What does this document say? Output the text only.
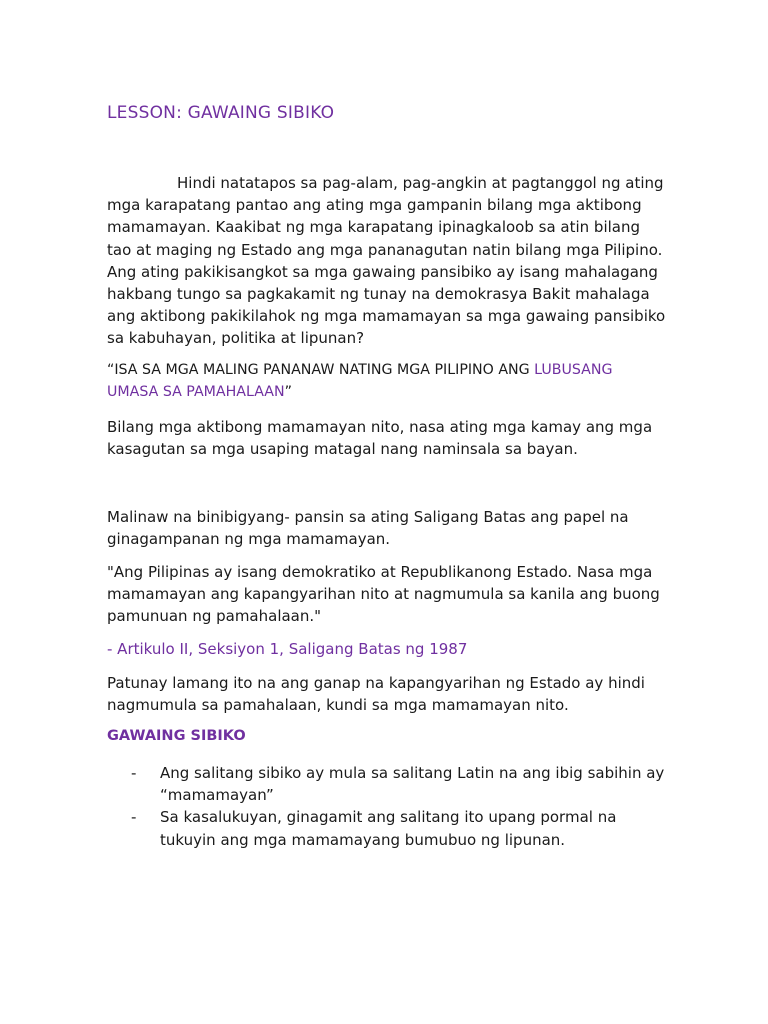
LESSON: GAWAING SIBIKO

Hindi natatapos sa pag-alam, pag-angkin at pagtanggol ng ating mga karapatang pantao ang ating mga gampanin bilang mga aktibong mamamayan. Kaakibat ng mga karapatang ipinagkaloob sa atin bilang tao at maging ng Estado ang mga pananagutan natin bilang mga Pilipino. Ang ating pakikisangkot sa mga gawaing pansibiko ay isang mahalagang hakbang tungo sa pagkakamit ng tunay na demokrasya Bakit mahalaga ang aktibong pakikilahok ng mga mamamayan sa mga gawaing pansibiko sa kabuhayan, politika at lipunan?

“ISA SA MGA MALING PANANAW NATING MGA PILIPINO ANG LUBUSANG UMASA SA PAMAHALAAN”

Bilang mga aktibong mamamayan nito, nasa ating mga kamay ang mga kasagutan sa mga usaping matagal nang naminsala sa bayan.

Malinaw na binibigyang- pansin sa ating Saligang Batas ang papel na ginagampanan ng mga mamamayan.

"Ang Pilipinas ay isang demokratiko at Republikanong Estado. Nasa mga mamamayan ang kapangyarihan nito at nagmumula sa kanila ang buong pamunuan ng pamahalaan."

- Artikulo II, Seksiyon 1, Saligang Batas ng 1987

Patunay lamang ito na ang ganap na kapangyarihan ng Estado ay hindi nagmumula sa pamahalaan, kundi sa mga mamamayan nito.

GAWAING SIBIKO
- Ang salitang sibiko ay mula sa salitang Latin na ang ibig sabihin ay “mamamayan”
- Sa kasalukuyan, ginagamit ang salitang ito upang pormal na tukuyin ang mga mamamayang bumubuo ng lipunan.
